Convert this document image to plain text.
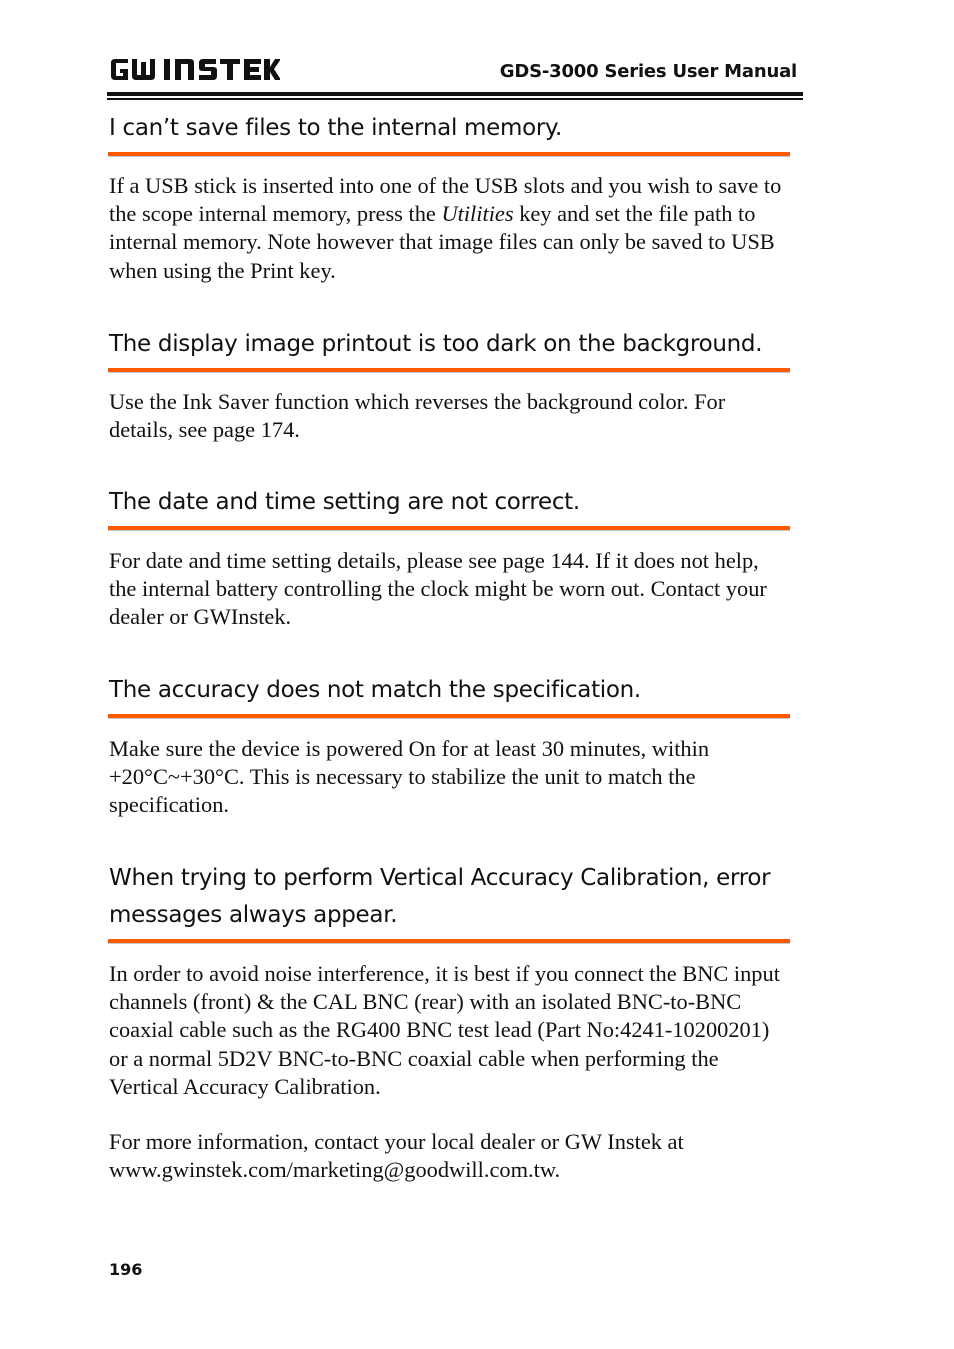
GDS-3000 Series User Manual
I can’t save files to the internal memory.
If a USB stick is inserted into one of the USB slots and you wish to save to the scope internal memory, press the Utilities key and set the file path to internal memory. Note however that image files can only be saved to USB when using the Print key.
The display image printout is too dark on the background.
Use the Ink Saver function which reverses the background color. For details, see page 174.
The date and time setting are not correct.
For date and time setting details, please see page 144. If it does not help, the internal battery controlling the clock might be worn out. Contact your dealer or GWInstek.
The accuracy does not match the specification.
Make sure the device is powered On for at least 30 minutes, within +20°C~+30°C. This is necessary to stabilize the unit to match the specification.
When trying to perform Vertical Accuracy Calibration, error messages always appear.
In order to avoid noise interference, it is best if you connect the BNC input channels (front) & the CAL BNC (rear) with an isolated BNC-to-BNC coaxial cable such as the RG400 BNC test lead (Part No:4241-10200201) or a normal 5D2V BNC-to-BNC coaxial cable when performing the Vertical Accuracy Calibration.
For more information, contact your local dealer or GW Instek at www.gwinstek.com/marketing@goodwill.com.tw.
196
